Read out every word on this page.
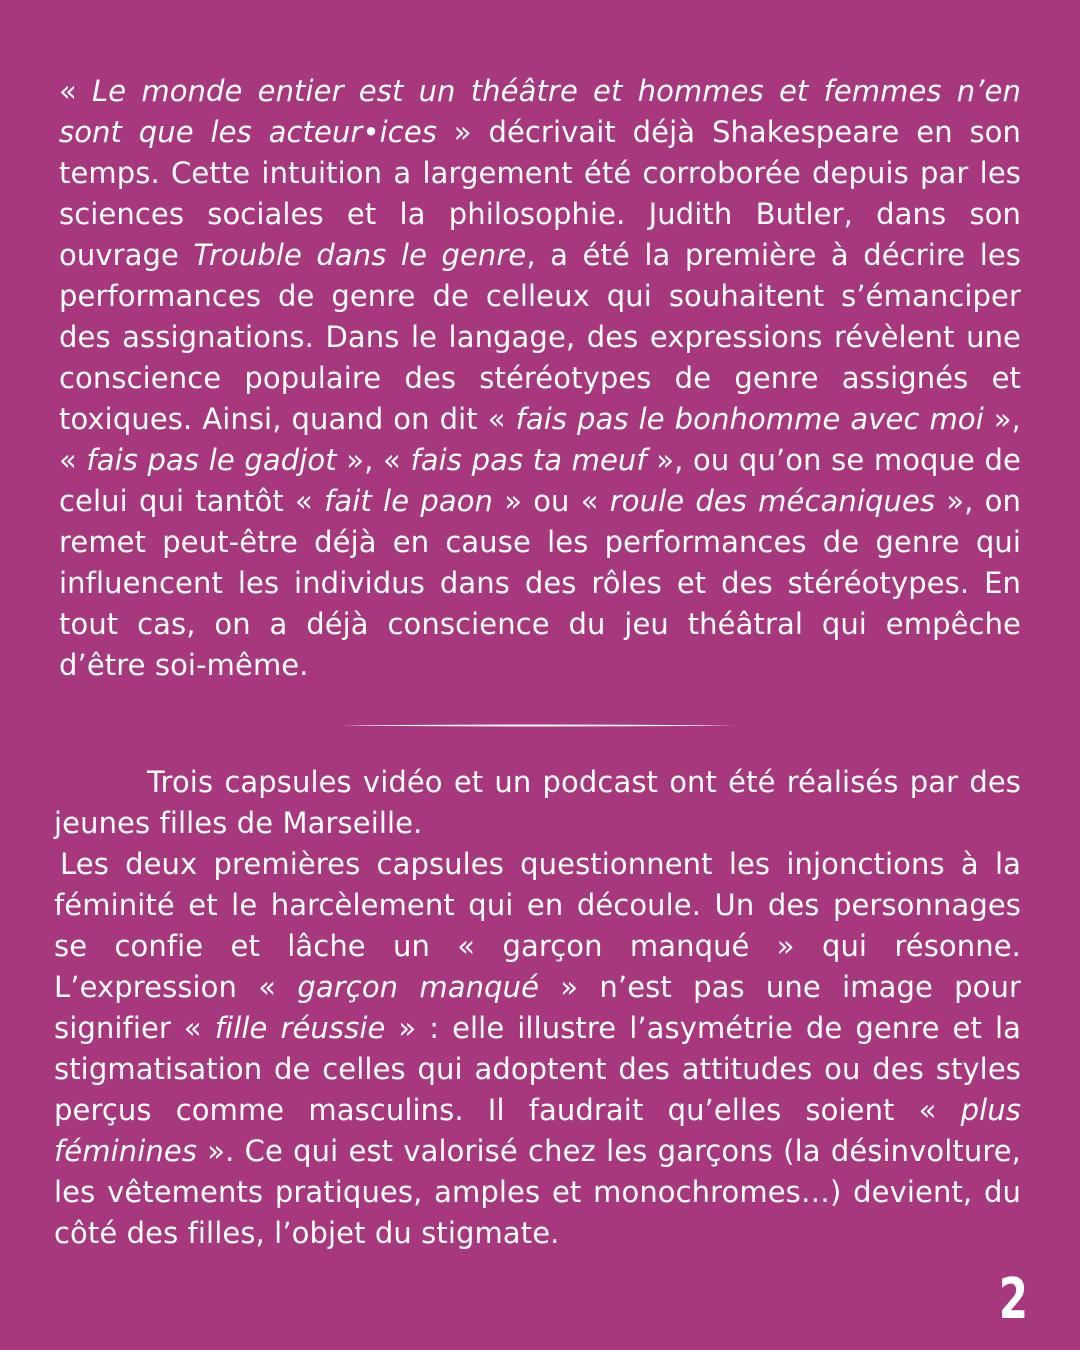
« Le monde entier est un théâtre et hommes et femmes n’en sont que les acteur•ices » décrivait déjà Shakespeare en son temps. Cette intuition a largement été corroborée depuis par les sciences sociales et la philosophie. Judith Butler, dans son ouvrage Trouble dans le genre, a été la première à décrire les performances de genre de celleux qui souhaitent s’émanciper des assignations. Dans le langage, des expressions révèlent une conscience populaire des stéréotypes de genre assignés et toxiques. Ainsi, quand on dit « fais pas le bonhomme avec moi », « fais pas le gadjot », « fais pas ta meuf », ou qu’on se moque de celui qui tantôt « fait le paon » ou « roule des mécaniques », on remet peut-être déjà en cause les performances de genre qui influencent les individus dans des rôles et des stéréotypes. En tout cas, on a déjà conscience du jeu théâtral qui empêche d’être soi-même.

Trois capsules vidéo et un podcast ont été réalisés par des jeunes filles de Marseille.

Les deux premières capsules questionnent les injonctions à la féminité et le harcèlement qui en découle. Un des personnages se confie et lâche un « garçon manqué » qui résonne. L’expression « garçon manqué » n’est pas une image pour signifier « fille réussie » : elle illustre l’asymétrie de genre et la stigmatisation de celles qui adoptent des attitudes ou des styles perçus comme masculins. Il faudrait qu’elles soient « plus féminines ». Ce qui est valorisé chez les garçons (la désinvolture, les vêtements pratiques, amples et monochromes…) devient, du côté des filles, l’objet du stigmate.

2
